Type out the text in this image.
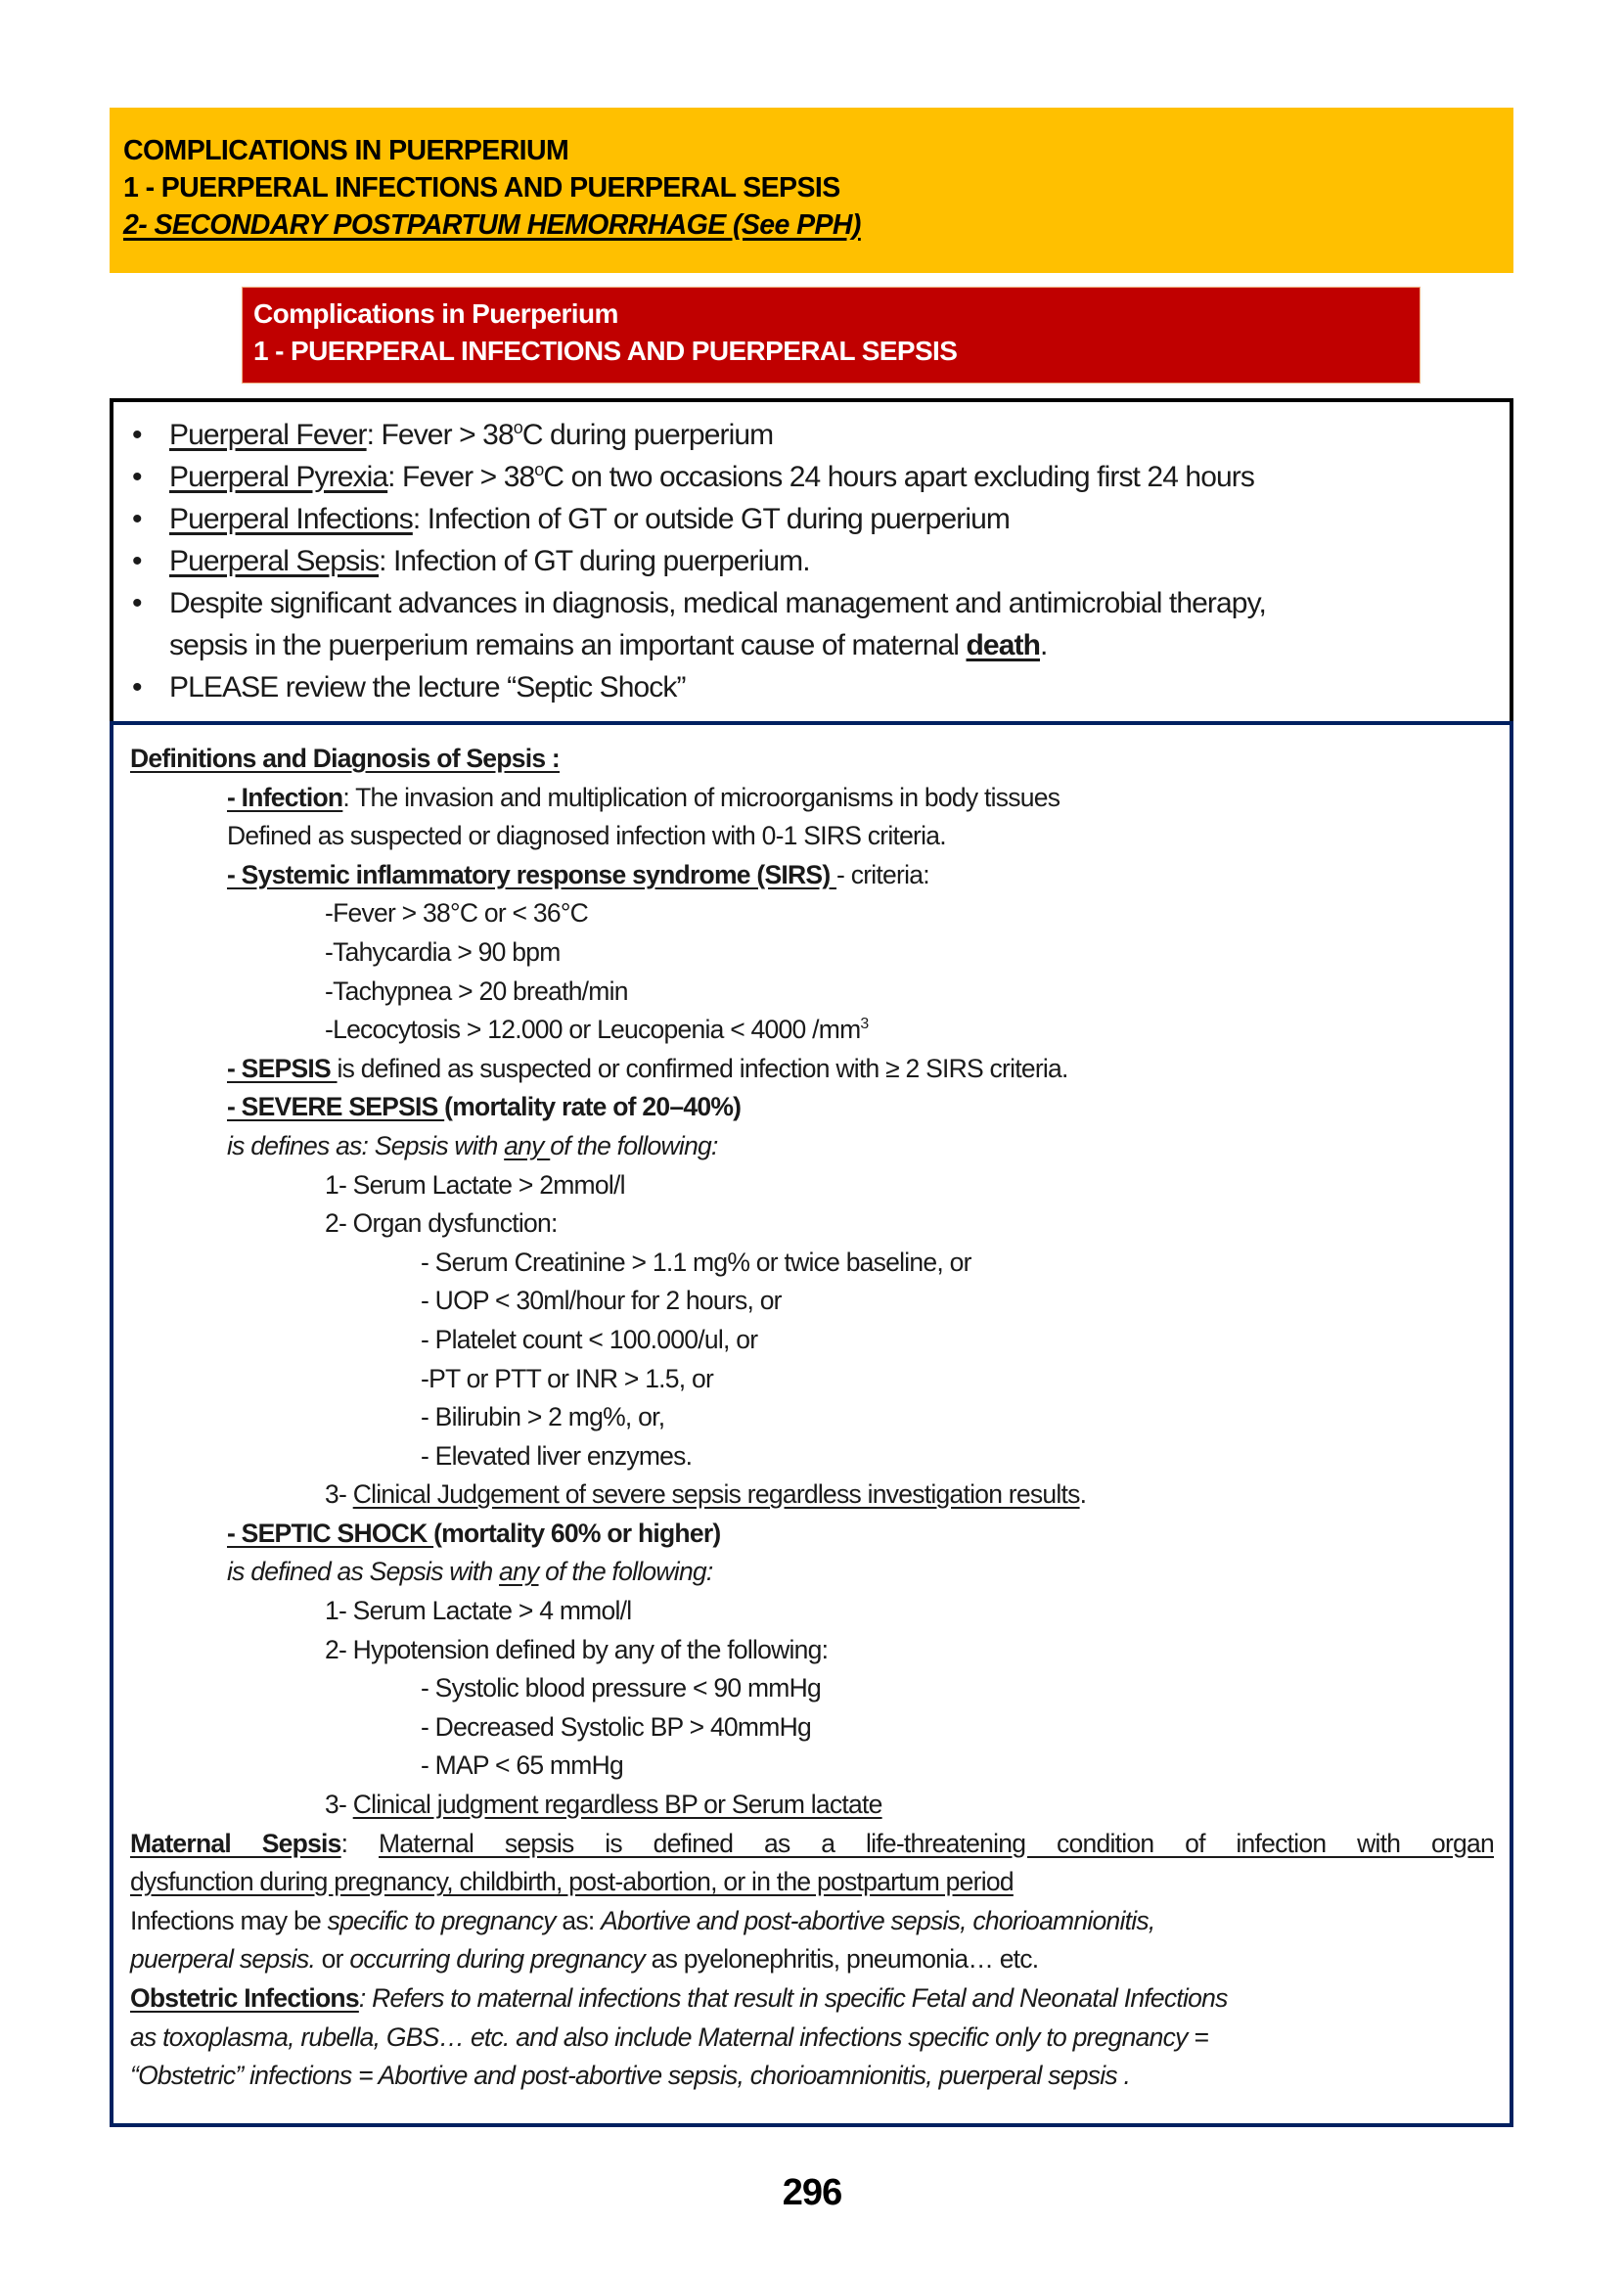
COMPLICATIONS IN PUERPERIUM
1 - PUERPERAL INFECTIONS AND PUERPERAL SEPSIS
2- SECONDARY POSTPARTUM HEMORRHAGE (See PPH)
Complications in Puerperium
1 - PUERPERAL INFECTIONS AND PUERPERAL SEPSIS
• Puerperal Fever: Fever > $38^oC$ during puerperium
• Puerperal Pyrexia: Fever > $38^oC$ on two occasions 24 hours apart excluding first 24 hours
• Puerperal Infections: Infection of GT or outside GT during puerperium
• Puerperal Sepsis: Infection of GT during puerperium.
• Despite significant advances in diagnosis, medical management and antimicrobial therapy,
sepsis in the puerperium remains an important cause of maternal death.
• PLEASE review the lecture “Septic Shock”
Definitions and Diagnosis of Sepsis :
- Infection: The invasion and multiplication of microorganisms in body tissues
Defined as suspected or diagnosed infection with 0-1 SIRS criteria.
- Systemic inflammatory response syndrome (SIRS) - criteria:
-Fever > 38°C or < 36°C
-Tahycardia > 90 bpm
-Tachypnea > 20 breath/min
-Lecocytosis > 12.000 or Leucopenia < 4000 $/mm^3$
- SEPSIS is defined as suspected or confirmed infection with ≥ 2 SIRS criteria.
- SEVERE SEPSIS (mortality rate of 20–40%)
is defines as: Sepsis with any of the following:
1- Serum Lactate > 2mmol/l
2- Organ dysfunction:
- Serum Creatinine > 1.1 mg% or twice baseline, or
- UOP < 30ml/hour for 2 hours, or
- Platelet count < 100.000/ul, or
-PT or PTT or INR > 1.5, or
- Bilirubin > 2 mg%, or,
- Elevated liver enzymes.
3- Clinical Judgement of severe sepsis regardless investigation results.
- SEPTIC SHOCK (mortality 60% or higher)
is defined as Sepsis with any of the following:
1- Serum Lactate > 4 mmol/l
2- Hypotension defined by any of the following:
- Systolic blood pressure < 90 mmHg
- Decreased Systolic BP > 40mmHg
- MAP < 65 mmHg
3- Clinical judgment regardless BP or Serum lactate
Maternal Sepsis: Maternal sepsis is defined as a life-threatening condition of infection with organ
dysfunction during pregnancy, childbirth, post-abortion, or in the postpartum period
Infections may be specific to pregnancy as: Abortive and post-abortive sepsis, chorioamnionitis,
puerperal sepsis. or occurring during pregnancy as pyelonephritis, pneumonia… etc.
Obstetric Infections: Refers to maternal infections that result in specific Fetal and Neonatal Infections
as toxoplasma, rubella, GBS… etc. and also include Maternal infections specific only to pregnancy =
“Obstetric” infections = Abortive and post-abortive sepsis, chorioamnionitis, puerperal sepsis .
296
